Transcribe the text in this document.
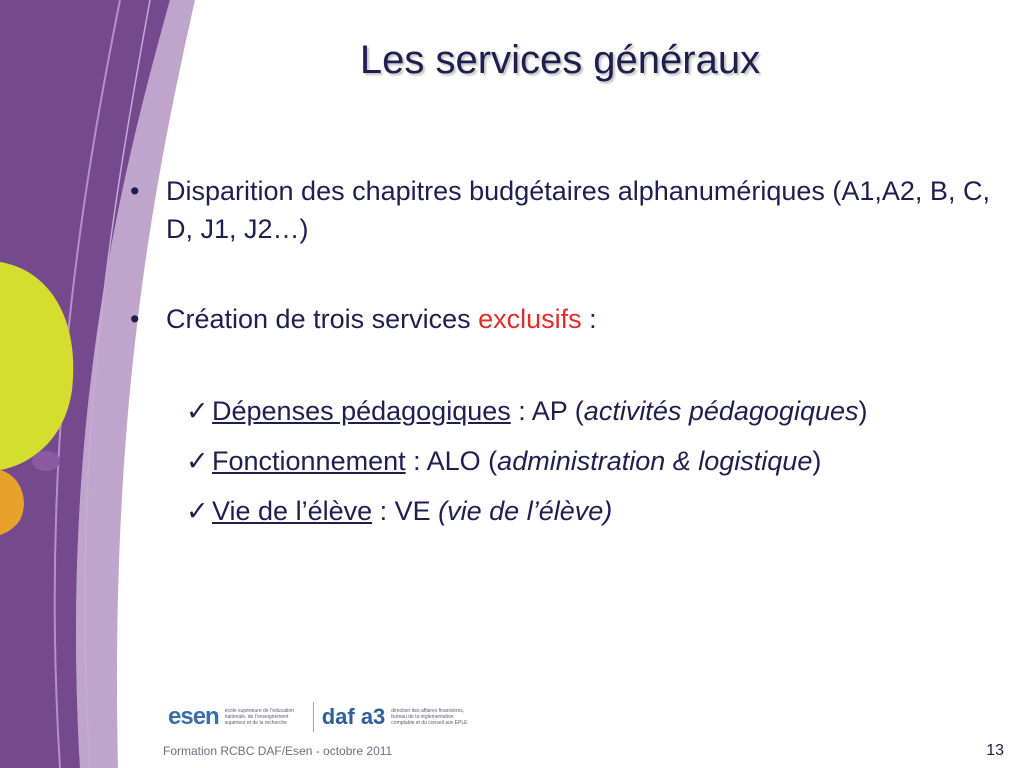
Les services généraux
• Disparition des chapitres budgétaires alphanumériques (A1,A2, B, C, D, J1, J2…)
• Création de trois services exclusifs :
✓ Dépenses pédagogiques : AP (activités pédagogiques)
✓ Fonctionnement : ALO (administration & logistique)
✓ Vie de l’élève : VE (vie de l’élève)
esen école supérieure de l’éducation nationale, de l’enseignement supérieur et de la recherche	daf a3 direction des affaires financières, bureau de la réglementation comptable et du conseil aux EPLE
Formation RCBC DAF/Esen - octobre 2011	13
